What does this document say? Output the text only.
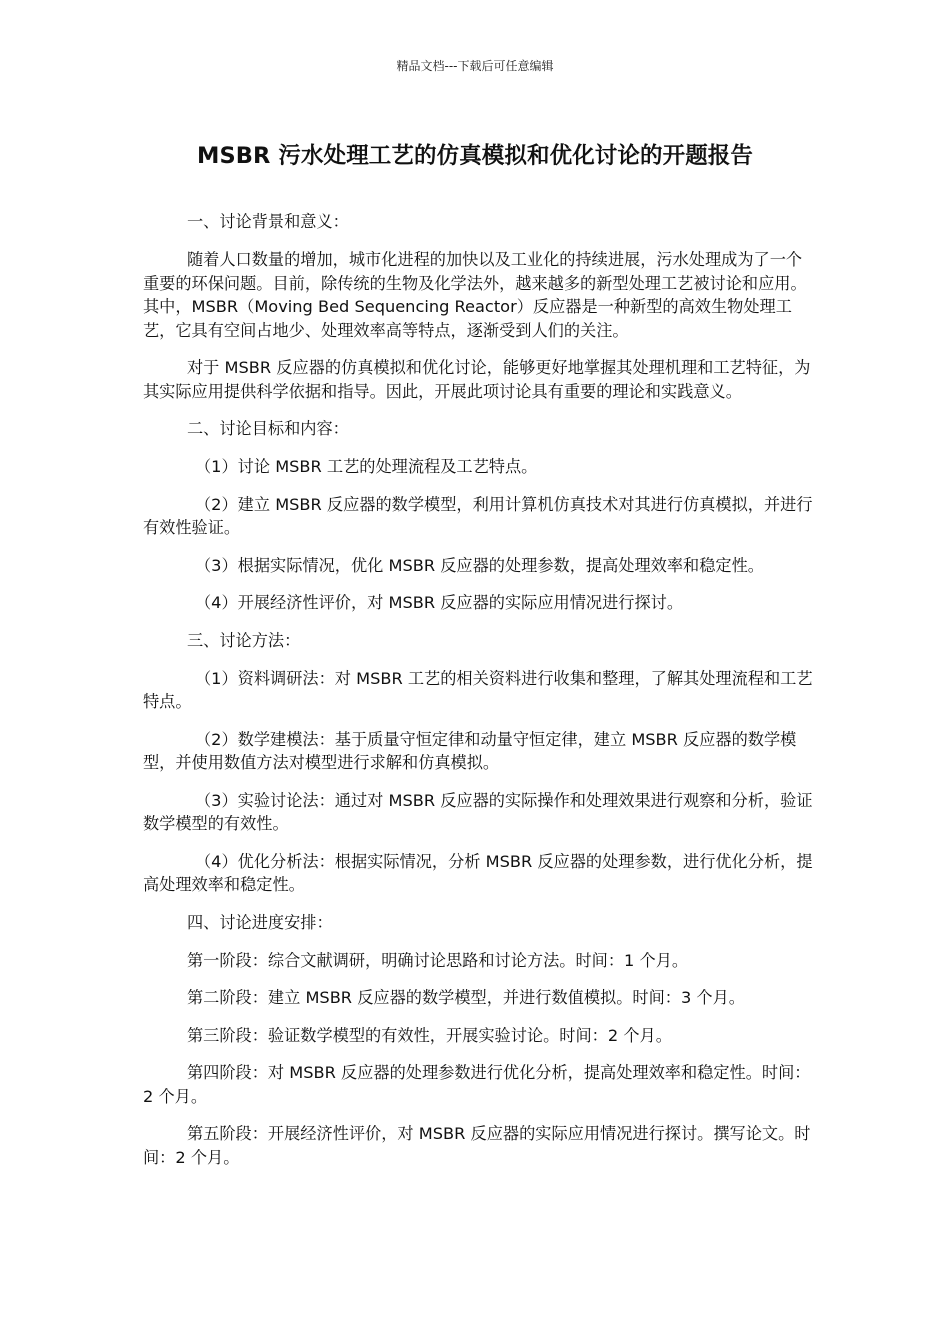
精品文档---下载后可任意编辑
MSBR 污水处理工艺的仿真模拟和优化讨论的开题报告
一、讨论背景和意义：
随着人口数量的增加，城市化进程的加快以及工业化的持续进展，污水处理成为了一个重要的环保问题。目前，除传统的生物及化学法外，越来越多的新型处理工艺被讨论和应用。其中，MSBR（Moving Bed Sequencing Reactor）反应器是一种新型的高效生物处理工艺，它具有空间占地少、处理效率高等特点，逐渐受到人们的关注。
对于 MSBR 反应器的仿真模拟和优化讨论，能够更好地掌握其处理机理和工艺特征，为其实际应用提供科学依据和指导。因此，开展此项讨论具有重要的理论和实践意义。
二、讨论目标和内容：
（1）讨论 MSBR 工艺的处理流程及工艺特点。
（2）建立 MSBR 反应器的数学模型，利用计算机仿真技术对其进行仿真模拟，并进行有效性验证。
（3）根据实际情况，优化 MSBR 反应器的处理参数，提高处理效率和稳定性。
（4）开展经济性评价，对 MSBR 反应器的实际应用情况进行探讨。
三、讨论方法：
（1）资料调研法：对 MSBR 工艺的相关资料进行收集和整理，了解其处理流程和工艺特点。
（2）数学建模法：基于质量守恒定律和动量守恒定律，建立 MSBR 反应器的数学模型，并使用数值方法对模型进行求解和仿真模拟。
（3）实验讨论法：通过对 MSBR 反应器的实际操作和处理效果进行观察和分析，验证数学模型的有效性。
（4）优化分析法：根据实际情况，分析 MSBR 反应器的处理参数，进行优化分析，提高处理效率和稳定性。
四、讨论进度安排：
第一阶段：综合文献调研，明确讨论思路和讨论方法。时间：1 个月。
第二阶段：建立 MSBR 反应器的数学模型，并进行数值模拟。时间：3 个月。
第三阶段：验证数学模型的有效性，开展实验讨论。时间：2 个月。
第四阶段：对 MSBR 反应器的处理参数进行优化分析，提高处理效率和稳定性。时间：2 个月。
第五阶段：开展经济性评价，对 MSBR 反应器的实际应用情况进行探讨。撰写论文。时间：2 个月。
